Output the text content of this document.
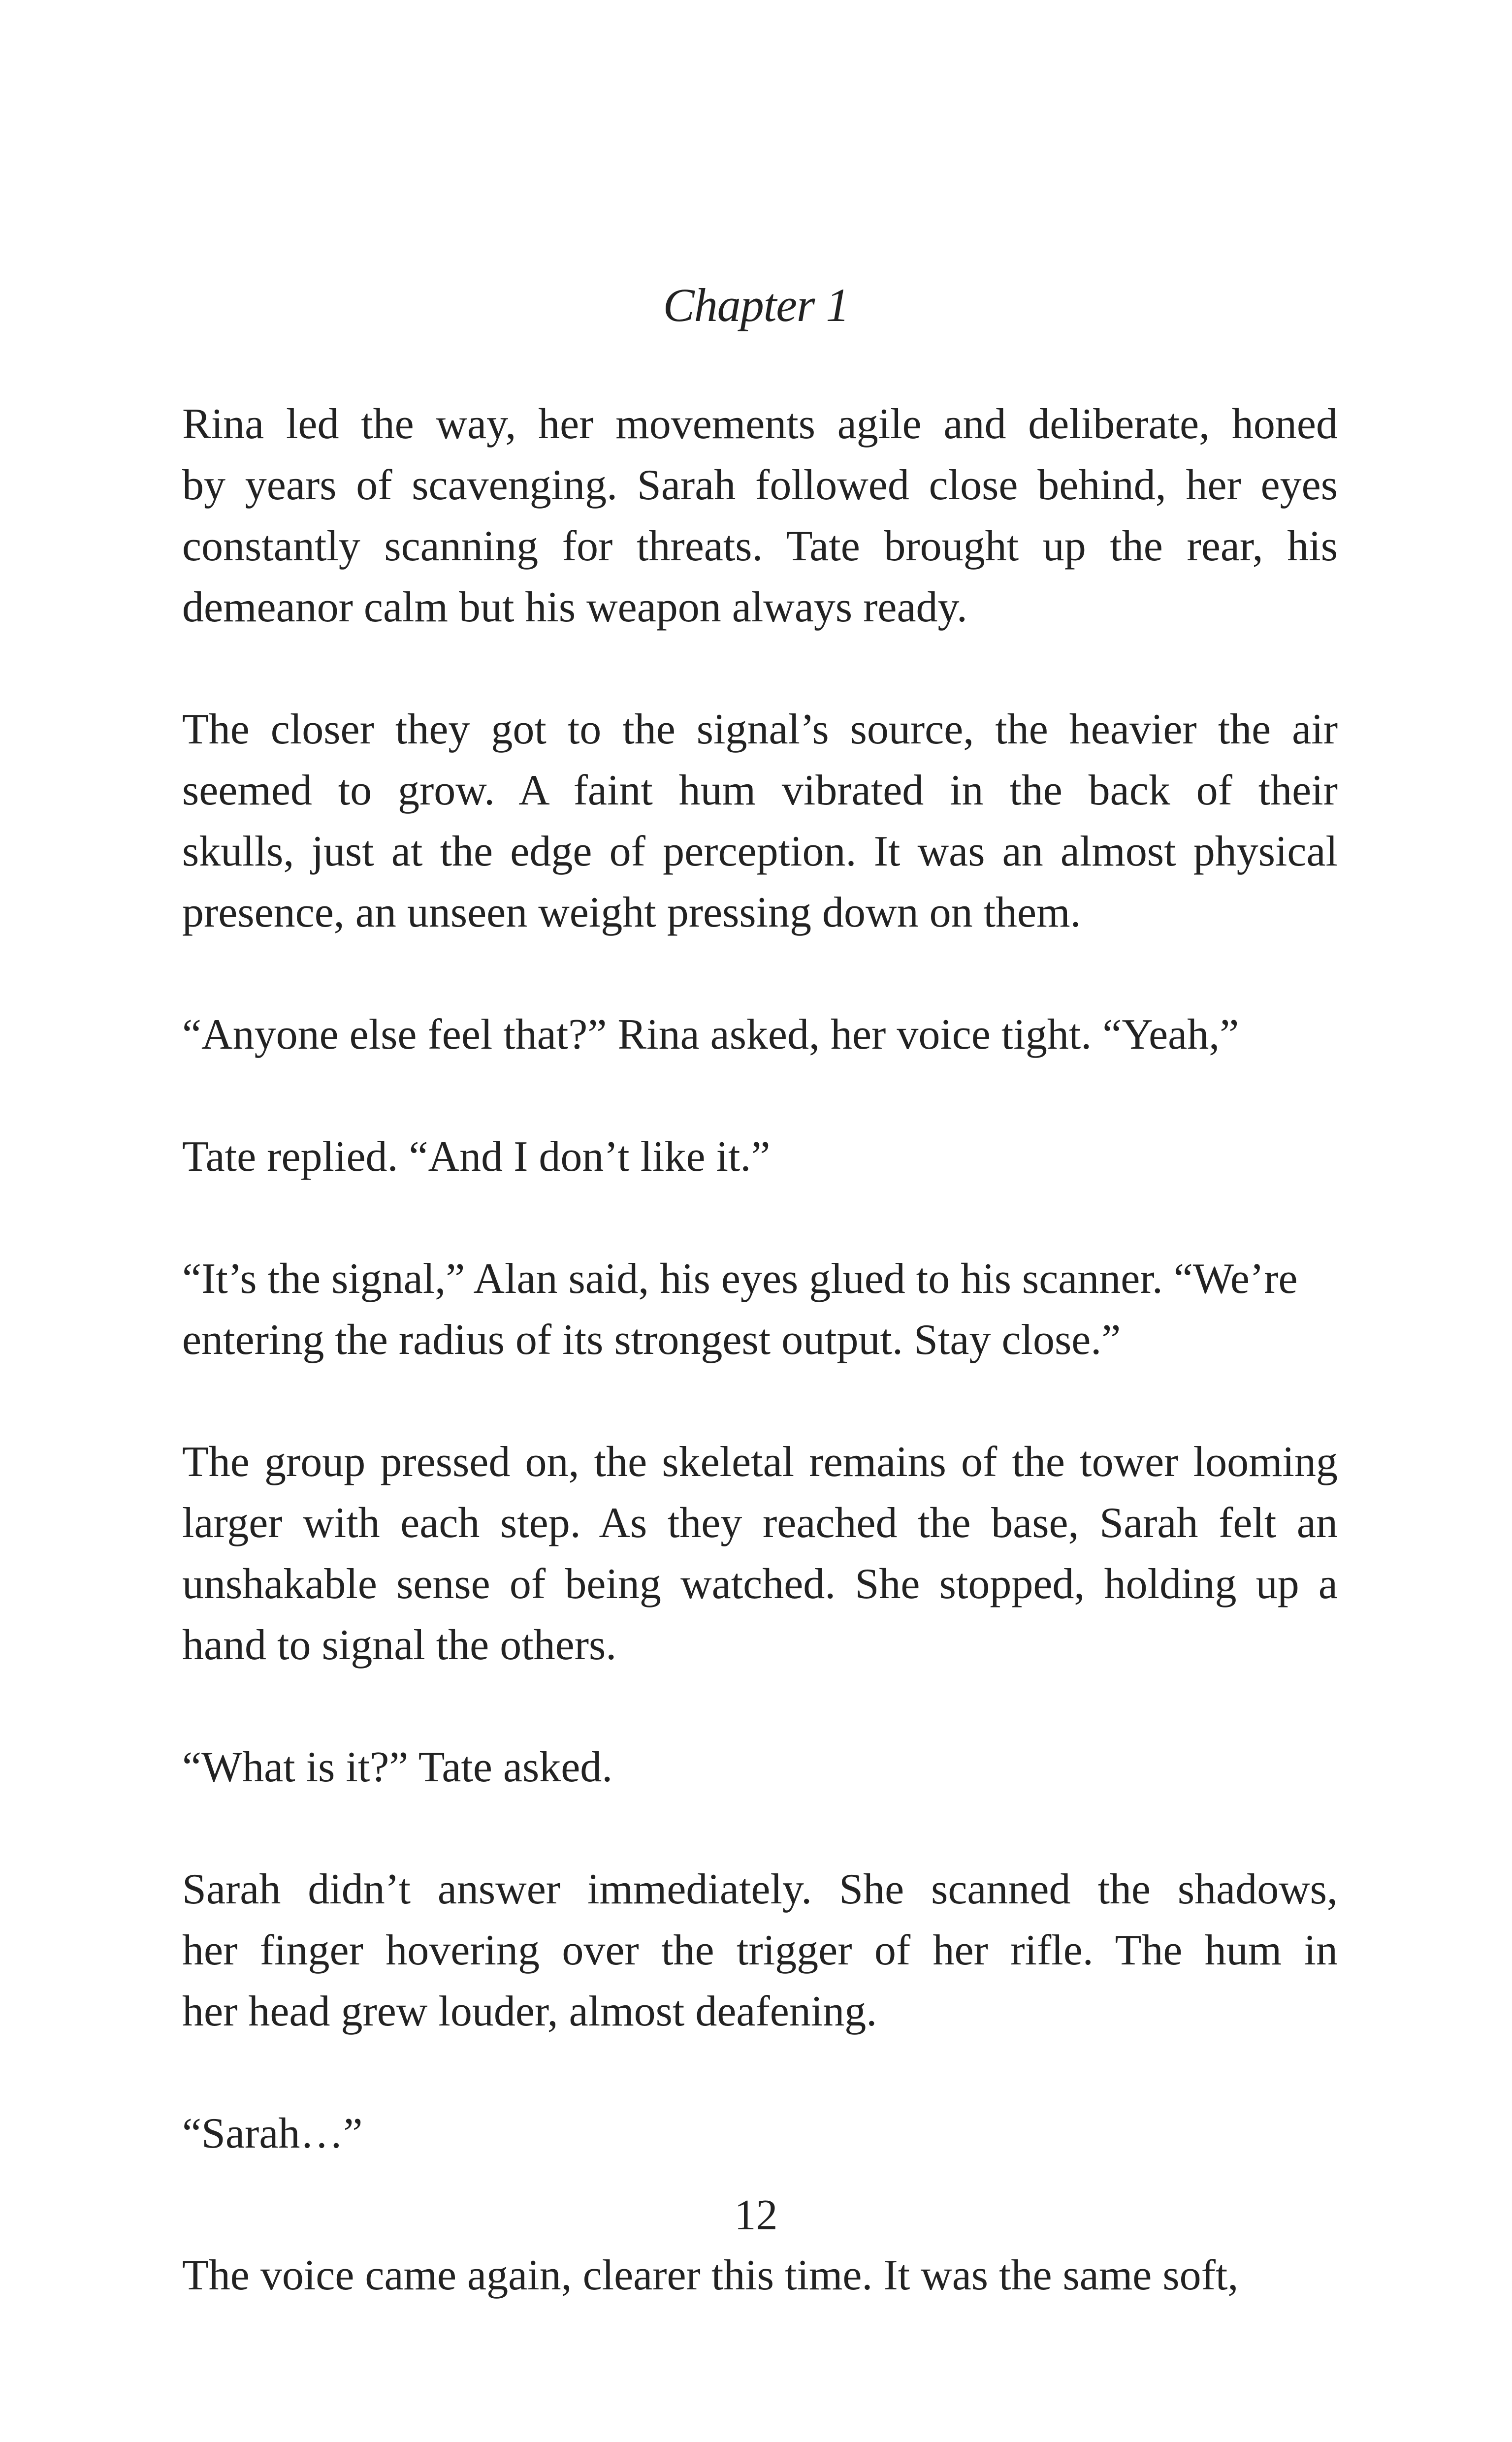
Chapter 1

Rina led the way, her movements agile and deliberate, honed

by years of scavenging. Sarah followed close behind, her eyes

constantly scanning for threats. Tate brought up the rear, his

demeanor calm but his weapon always ready.

The closer they got to the signal’s source, the heavier the air

seemed to grow. A faint hum vibrated in the back of their

skulls, just at the edge of perception. It was an almost physical

presence, an unseen weight pressing down on them.

“Anyone else feel that?” Rina asked, her voice tight. “Yeah,”

Tate replied. “And I don’t like it.”

“It’s the signal,” Alan said, his eyes glued to his scanner. “We’re

entering the radius of its strongest output. Stay close.”

The group pressed on, the skeletal remains of the tower looming

larger with each step. As they reached the base, Sarah felt an

unshakable sense of being watched. She stopped, holding up a

hand to signal the others.

“What is it?” Tate asked.

Sarah didn’t answer immediately. She scanned the shadows,

her finger hovering over the trigger of her rifle. The hum in

her head grew louder, almost deafening.

“Sarah…”

12

The voice came again, clearer this time. It was the same soft,
